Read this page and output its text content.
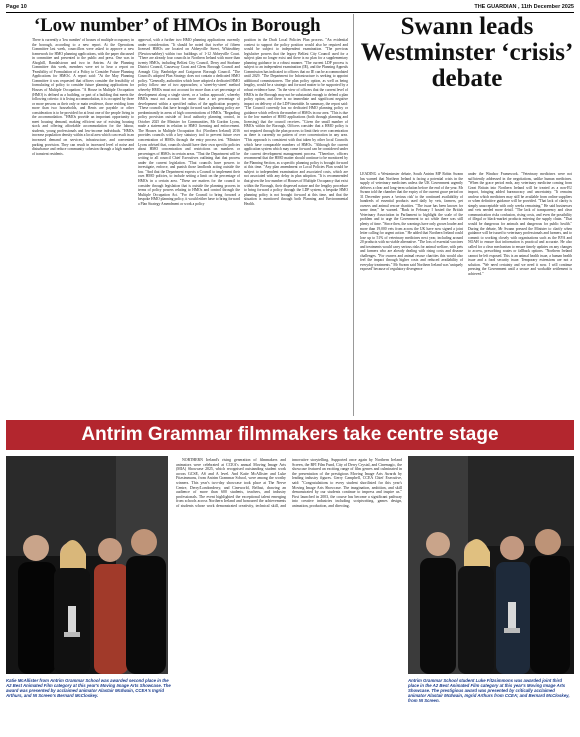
Page 10	THE GUARDIAN , 11th December 2025
‘Low number’ of HMOs in Borough
There is currently a 'low number' of houses of multiple occupancy in the borough, according to a new report. At the Operations Committee last week, councillors were asked to approve a new framework for HMO planning applications, with the paper discussed in committee and presented to the public and press. One was in Ahoghill, Randalstown and two in Antrim. At the Planning Committee this week, members were set to hear a report on 'Feasibility of Formulation of a Policy to Consider Future Planning Applications for HMOs'. A report said: "At the May Planning Committee it was requested that officers consider the feasibility of formulating of policy to consider future planning applications for Houses of Multiple Occupation. "A House in Multiple Occupation (HMO) is defined as a building, or part of a building that meets the following criteria: it is living accommodation, it is occupied by three or more persons as their only or main residence, those residing form more than two households, and Rents are payable or other consideration is to be provided for at least one of the people living in the accommodation. "HMOs provide an important opportunity to meet housing demand, making efficient use of existing housing stock and offering affordable accommodation for the labour, students, young professionals and low-income individuals. "HMOs increase population density within a local area which can result in an increased demand on services, infrastructure, and convenient parking provision. They can result in increased level of noise and disturbance and reduce community cohesion through a high number of transient residents.
approval, with a further two HMO planning applications currently under consideration. "It should be noted that twelve of fifteen licensed HMOs are located on Abbeyville Street, Whiteabbey (Newtownabbey) within two buildings of 1-12 Abbeyville Court. "There are already four councils in Northern Ireland with more than twenty HMOs, including Belfast City Council, Derry and Strabane District Council, Causeway Coast and Glens Borough Council and Armagh City, Banbridge and Craigavon Borough Council. "The Council's adopted Plan Strategy does not contain a dedicated HMO policy. "Generally, authorities which have adopted a dedicated HMO policy follow one of two approaches; a 'street-by-street' method whereby HMOs must not account for more than a set percentage of development along a single street, or a 'radius approach', whereby HMOs must not account for more than a set percentage of development within a specified radius of the application property. "These councils that have brought forward such planning policy are predominantly in areas of high concentrations of HMOs. "Regarding policy provision outside of local authority planning control, in October 2025 the Minister for Communities, Mr Gordon Lyons, made a statement in relation to HMO licensing and enforcement. The Houses in Multiple Occupation Act (Northern Ireland) 2016 provides councils with a key statutory tool to prevent future over concentration of HMOs through the entry process test. "Minister Lyons advised that, councils should have their own specific policies about HMO concentration and restrictions on numbers or percentages of HMOs in certain areas. "That the Department will be writing to all council Chief Executives outlining that that process under the current legislation. "That councils have powers to investigate, enforce, and punish those landlords acting outside the law. "And that the Department expects a Council to implement their own HMO policies, to include setting a limit on the percentage of HMOs in a certain area. "These are matters for the council to consider through legislation that is outside the planning process in terms of policy powers relating to HMOs and control through the Multiple Occupation Act. "For the Council to bring forward a bespoke HMO planning policy, it would either have to bring forward a Plan Strategy Amendment or work a policy
position in the Draft Local Policies Plan process. "An evidential context to support the policy position would also be required and would be subject to independent examination. "The previous legislative powers that the legacy Belfast City Council used for a subject plan no longer exist and there is no plan for a supplementary planning guidance in a robust manner. "The current LDP process is subject to an independent examination (IE), and the Planning Appeals Commission has indicated to officers that no IE can be accommodated until 2029. "The Department for Infrastructure is seeking to appoint additional commissioners. The plan policy option, as well as being lengthy, would be a strategic and forward matter to be supported by a robust evidence base. "In the view of officers that the current level of HMOs in the Borough may not be substantial enough to defend a plan policy option, and there is no immediate and significant negative impact on delivery of the LDP timetable. In summary, the report said: "The Council currently has no dedicated HMO planning policy or guidance which reflects the number of HMOs in our area. "This is due to the low number of HMO applications (both through planning and licensing) that the council receives. "Given the small number of HMOs within the Borough, Officers consider that a HMO policy is not required through the plan process to limit their over concentration as there is currently no pattern of over concentration in any area. "This approach is consistent with that taken by other local Councils which have comparable numbers of HMOs. "Although the current application system which may come forward can be considered under the current development management process. "Therefore, officers recommend that the HMO matter should continue to be monitored by the Planning Section, as a specific planning policy is brought forward at this time. "Any plan amendment or Local Policies Plan would be subject to independent examination and associated costs, which are not associated with any delay in plan adoption. "It is recommended that given the low number of Houses of Multiple Occupancy that exist within the Borough, their dispersed nature and the lengthy procedure to bring forward a policy through the LDP system, a bespoke HMO planning policy is not brought forward at this time, and that the situation is monitored through both Planning and Environmental Health.
Swann leads Westminster ‘crisis’ debate
LEADING a Westminster debate, South Antrim MP Robin Swann has warned that Northern Ireland is facing a potential crisis in the supply of veterinary medicines unless the UK Government urgently delivers a clear and long-term solution before the end of the year. Mr Swann told the chamber that the expiry of the current grace period on 31 December poses a 'serious risk' to the continued availability of hundreds of essential products used daily by vets, farmers, pet owners and animal rescue charities. "The issue has been known for some time," he warned. "Back in February I hosted the British Veterinary Association in Parliament to highlight the scale of the problem and to urge the Government to act while there was still plenty of time. "Since then, the warnings have only grown louder and more than 19,000 vets from across the UK have now signed a joint letter calling for urgent action." He added that Northern Ireland could lose up to 51% of veterinary medicines next year, including around 20 products with no viable alternative. "The loss of essential vaccines and treatments would carry serious risks for animal welfare, with pets and farmers who are already dealing with rising costs and disease challenges. "For owners and animal rescue charities this would also feel the impact through higher costs and reduced availability of everyday treatments." Mr Swann said Northern Ireland was 'uniquely exposed' because of regulatory divergence
under the Windsor Framework. "Veterinary medicines were not sufficiently addressed in the negotiations, unlike human medicines. "When the grace period ends, any veterinary medicine coming from Great Britain into Northern Ireland will be treated as a non-EU import, bringing added bureaucracy and uncertainty. "It remains unclear which medicines may still be available from online suppliers or when definitive guidance will be provided. "That lack of clarity is simply unacceptable with only weeks remaining." He said businesses and vets needed more detail. "The lack of transparency and clear communication risks confusion, rising costs, and even the possibility of illegal or black-market products entering the supply chain. "That would be dangerous for animals and dangerous for public health." During the debate, Mr Swann pressed the Minister to clarify when guidance will be issued to veterinary professionals and farmers, and to commit to working closely with organisations such as the BVA and NOAH to ensure that information is practical and accurate. He also called for a clear mechanism to ensure timely updates on any changes to access, prescribing routes or fallback options. "Northern Ireland cannot be left exposed. This is an animal health issue, a human health issue and a food security issue. Temporary extensions are not a solution. "We need certainty and we need it now. I will continue pressing the Government until a secure and workable settlement is achieved."
Antrim Grammar filmmakers take centre stage
Katie McAllister from Antrim Grammar School was awarded second place in the A2 Best Animated Film category at this year's Moving Image Arts Showcase. The award was presented by acclaimed animator Alastair McIlwain, CCEA's Ingrid Arthurs, and NI Screen's Bernard McCloskey.

NORTHERN Ireland's rising generation of filmmakers and animators were celebrated at CCEA's annual Moving Image Arts (MIA) Showcase 2025, which recognised outstanding student work across GCSE, AS and A level. And Katie McAllister and Luke Fitzsimmons, from Antrim Grammar School, were among the worthy winners. This year's two-day showcase took place at The Nerve Centre, Derry/Londonderry, and Cineworld, Belfast, drawing an audience of more than 600 students, teachers, and industry professionals. The event highlighted the exceptional talent emerging from schools across Northern Ireland and honoured the achievements of students whose work demonstrated creativity, technical skill, and innovative storytelling. Supported once again by Northern Ireland Screen, the BFI Film Fund, City of Derry Crystal, and Cinemagic, the showcase featured an exciting range of film genres and culminated in the presentation of the prestigious Moving Image Arts Awards by leading industry figures. Gerry Campbell, CCEA Chief Executive, said: "Congratulations to every student shortlisted for this year's Moving Image Arts Showcase. The imagination, ambition, and skill demonstrated by our students continue to impress and inspire us." First launched in 2003, the course has become a significant pathway into creative industries including scriptwriting, games design, animation, production, and directing.

Antrim Grammar School student Luke Fitzsimmons was awarded joint third place in the A2 Best Animated Film category at this year's Moving Image Arts Showcase. The prestigious award was presented by critically acclaimed animator Alastair McIlwain, Ingrid Arthurs from CCEA; and Bernard McCloskey, from NI Screen.
